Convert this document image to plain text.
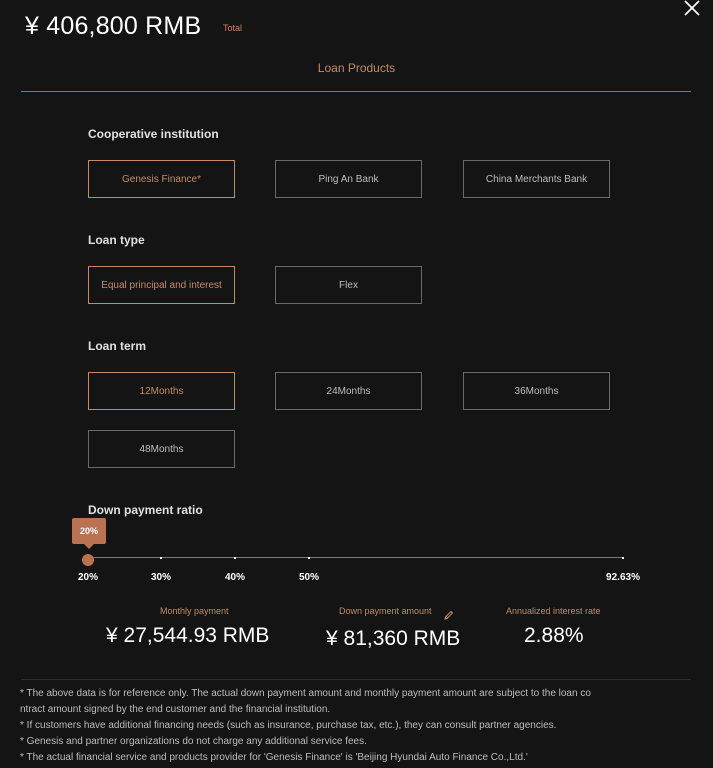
¥ 406,800 RMB Total
Loan Products
Cooperative institution
Genesis Finance*	Ping An Bank	China Merchants Bank
Loan type
Equal principal and interest	Flex
Loan term
12Months	24Months	36Months
48Months
Down payment ratio
20%	30%	40%	50%	92.63%
20%
Monthly payment
¥ 27,544.93 RMB
Down payment amount
¥ 81,360 RMB
Annualized interest rate
2.88%
* The above data is for reference only. The actual down payment amount and monthly payment amount are subject to the loan co
ntract amount signed by the end customer and the financial institution.
* If customers have additional financing needs (such as insurance, purchase tax, etc.), they can consult partner agencies.
* Genesis and partner organizations do not charge any additional service fees.
* The actual financial service and products provider for 'Genesis Finance' is 'Beijing Hyundai Auto Finance Co.,Ltd.'
